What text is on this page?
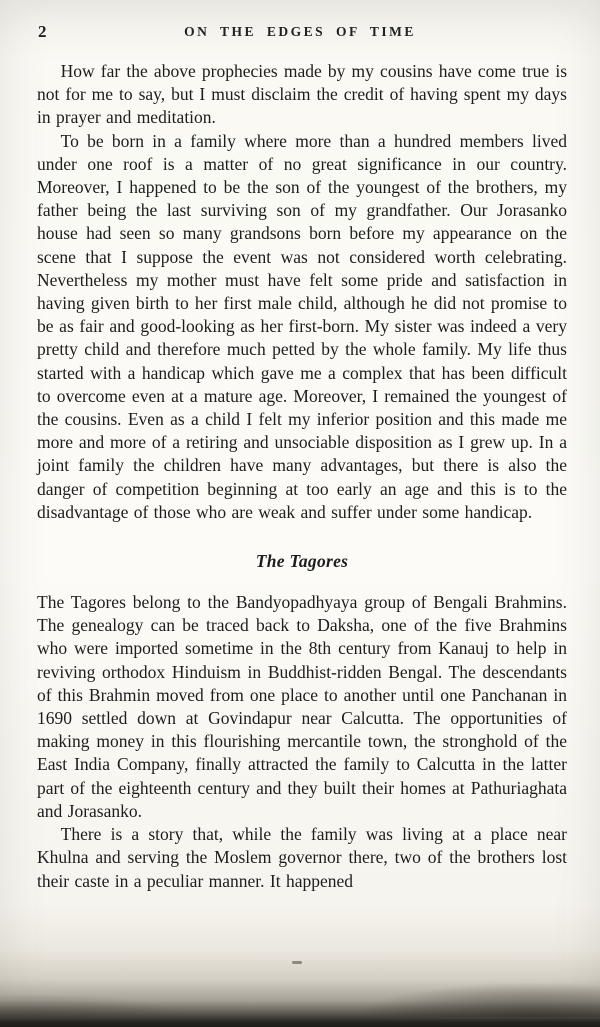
2	ON THE EDGES OF TIME

How far the above prophecies made by my cousins have come true is not for me to say, but I must disclaim the credit of having spent my days in prayer and meditation.

To be born in a family where more than a hundred members lived under one roof is a matter of no great significance in our country. Moreover, I happened to be the son of the youngest of the brothers, my father being the last surviving son of my grandfather. Our Jorasanko house had seen so many grandsons born before my appearance on the scene that I suppose the event was not considered worth celebrating. Nevertheless my mother must have felt some pride and satisfaction in having given birth to her first male child, although he did not promise to be as fair and good-looking as her first-born. My sister was indeed a very pretty child and therefore much petted by the whole family. My life thus started with a handicap which gave me a complex that has been difficult to overcome even at a mature age. Moreover, I remained the youngest of the cousins. Even as a child I felt my inferior position and this made me more and more of a retiring and unsociable disposition as I grew up. In a joint family the children have many advantages, but there is also the danger of competition beginning at too early an age and this is to the disadvantage of those who are weak and suffer under some handicap.

The Tagores

The Tagores belong to the Bandyopadhyaya group of Bengali Brahmins. The genealogy can be traced back to Daksha, one of the five Brahmins who were imported sometime in the 8th century from Kanauj to help in reviving orthodox Hinduism in Buddhist-ridden Bengal. The descendants of this Brahmin moved from one place to another until one Panchanan in 1690 settled down at Govindapur near Calcutta. The opportunities of making money in this flourishing mercantile town, the stronghold of the East India Company, finally attracted the family to Calcutta in the latter part of the eighteenth century and they built their homes at Pathuriaghata and Jorasanko.

There is a story that, while the family was living at a place near Khulna and serving the Moslem governor there, two of the brothers lost their caste in a peculiar manner. It happened
